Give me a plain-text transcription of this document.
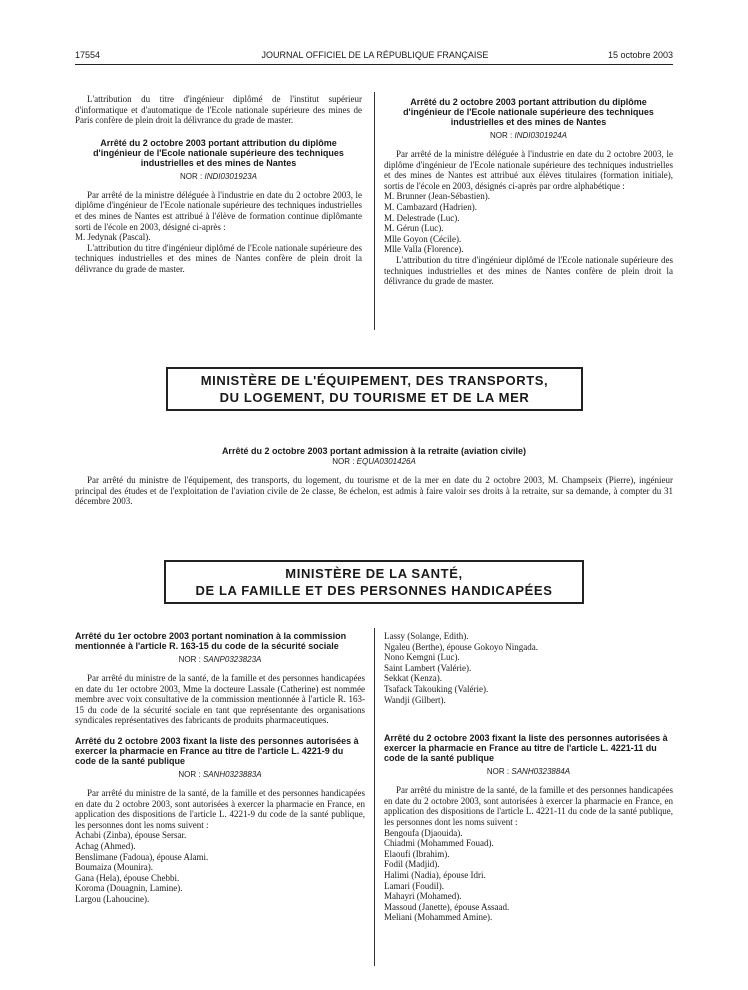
17554	JOURNAL OFFICIEL DE LA RÉPUBLIQUE FRANÇAISE	15 octobre 2003

L'attribution du titre d'ingénieur diplômé de l'institut supérieur d'informatique et d'automatique de l'Ecole nationale supérieure des mines de Paris confère de plein droit la délivrance du grade de master.

Arrêté du 2 octobre 2003 portant attribution du diplôme d'ingénieur de l'Ecole nationale supérieure des techniques industrielles et des mines de Nantes

NOR : INDI0301923A

Par arrêté de la ministre déléguée à l'industrie en date du 2 octobre 2003, le diplôme d'ingénieur de l'Ecole nationale supérieure des techniques industrielles et des mines de Nantes est attribué à l'élève de formation continue diplômante sorti de l'école en 2003, désigné ci-après :

M. Jedynak (Pascal).

L'attribution du titre d'ingénieur diplômé de l'Ecole nationale supérieure des techniques industrielles et des mines de Nantes confère de plein droit la délivrance du grade de master.

Arrêté du 2 octobre 2003 portant attribution du diplôme d'ingénieur de l'Ecole nationale supérieure des techniques industrielles et des mines de Nantes

NOR : INDI0301924A

Par arrêté de la ministre déléguée à l'industrie en date du 2 octobre 2003, le diplôme d'ingénieur de l'Ecole nationale supérieure des techniques industrielles et des mines de Nantes est attribué aux élèves titulaires (formation initiale), sortis de l'école en 2003, désignés ci-après par ordre alphabétique :

M. Brunner (Jean-Sébastien).

M. Cambazard (Hadrien).

M. Delestrade (Luc).

M. Gérun (Luc).

Mlle Goyon (Cécile).

Mlle Valla (Florence).

L'attribution du titre d'ingénieur diplômé de l'Ecole nationale supérieure des techniques industrielles et des mines de Nantes confère de plein droit la délivrance du grade de master.

MINISTÈRE DE L'ÉQUIPEMENT, DES TRANSPORTS,
DU LOGEMENT, DU TOURISME ET DE LA MER

Arrêté du 2 octobre 2003 portant admission à la retraite (aviation civile)

NOR : EQUA0301426A

Par arrêté du ministre de l'équipement, des transports, du logement, du tourisme et de la mer en date du 2 octobre 2003, M. Champseix (Pierre), ingénieur principal des études et de l'exploitation de l'aviation civile de 2e classe, 8e échelon, est admis à faire valoir ses droits à la retraite, sur sa demande, à compter du 31 décembre 2003.

MINISTÈRE DE LA SANTÉ,
DE LA FAMILLE ET DES PERSONNES HANDICAPÉES

Arrêté du 1er octobre 2003 portant nomination à la commission mentionnée à l'article R. 163-15 du code de la sécurité sociale

NOR : SANP0323823A

Par arrêté du ministre de la santé, de la famille et des personnes handicapées en date du 1er octobre 2003, Mme la docteure Lassale (Catherine) est nommée membre avec voix consultative de la commission mentionnée à l'article R. 163-15 du code de la sécurité sociale en tant que représentante des organisations syndicales représentatives des fabricants de produits pharmaceutiques.

Arrêté du 2 octobre 2003 fixant la liste des personnes autorisées à exercer la pharmacie en France au titre de l'article L. 4221-9 du code de la santé publique

NOR : SANH0323883A

Par arrêté du ministre de la santé, de la famille et des personnes handicapées en date du 2 octobre 2003, sont autorisées à exercer la pharmacie en France, en application des dispositions de l'article L. 4221-9 du code de la santé publique, les personnes dont les noms suivent :

Achabi (Zinba), épouse Sersar.

Achag (Ahmed).

Benslimane (Fadoua), épouse Alami.

Boumaiza (Mounira).

Gana (Hela), épouse Chebbi.

Koroma (Douagnin, Lamine).

Largou (Lahoucine).

Lassy (Solange, Edith).

Ngaleu (Berthe), épouse Gokoyo Ningada.

Nono Kemgni (Luc).

Saint Lambert (Valérie).

Sekkat (Kenza).

Tsafack Takouking (Valérie).

Wandji (Gilbert).

Arrêté du 2 octobre 2003 fixant la liste des personnes autorisées à exercer la pharmacie en France au titre de l'article L. 4221-11 du code de la santé publique

NOR : SANH0323884A

Par arrêté du ministre de la santé, de la famille et des personnes handicapées en date du 2 octobre 2003, sont autorisées à exercer la pharmacie en France, en application des dispositions de l'article L. 4221-11 du code de la santé publique, les personnes dont les noms suivent :

Bengoufa (Djaouida).

Chiadmi (Mohammed Fouad).

Elaoufi (Ibrahim).

Fodil (Madjid).

Halimi (Nadia), épouse Idri.

Lamari (Foudil).

Mahayri (Mohamed).

Massoud (Janette), épouse Assaad.

Meliani (Mohammed Amine).
